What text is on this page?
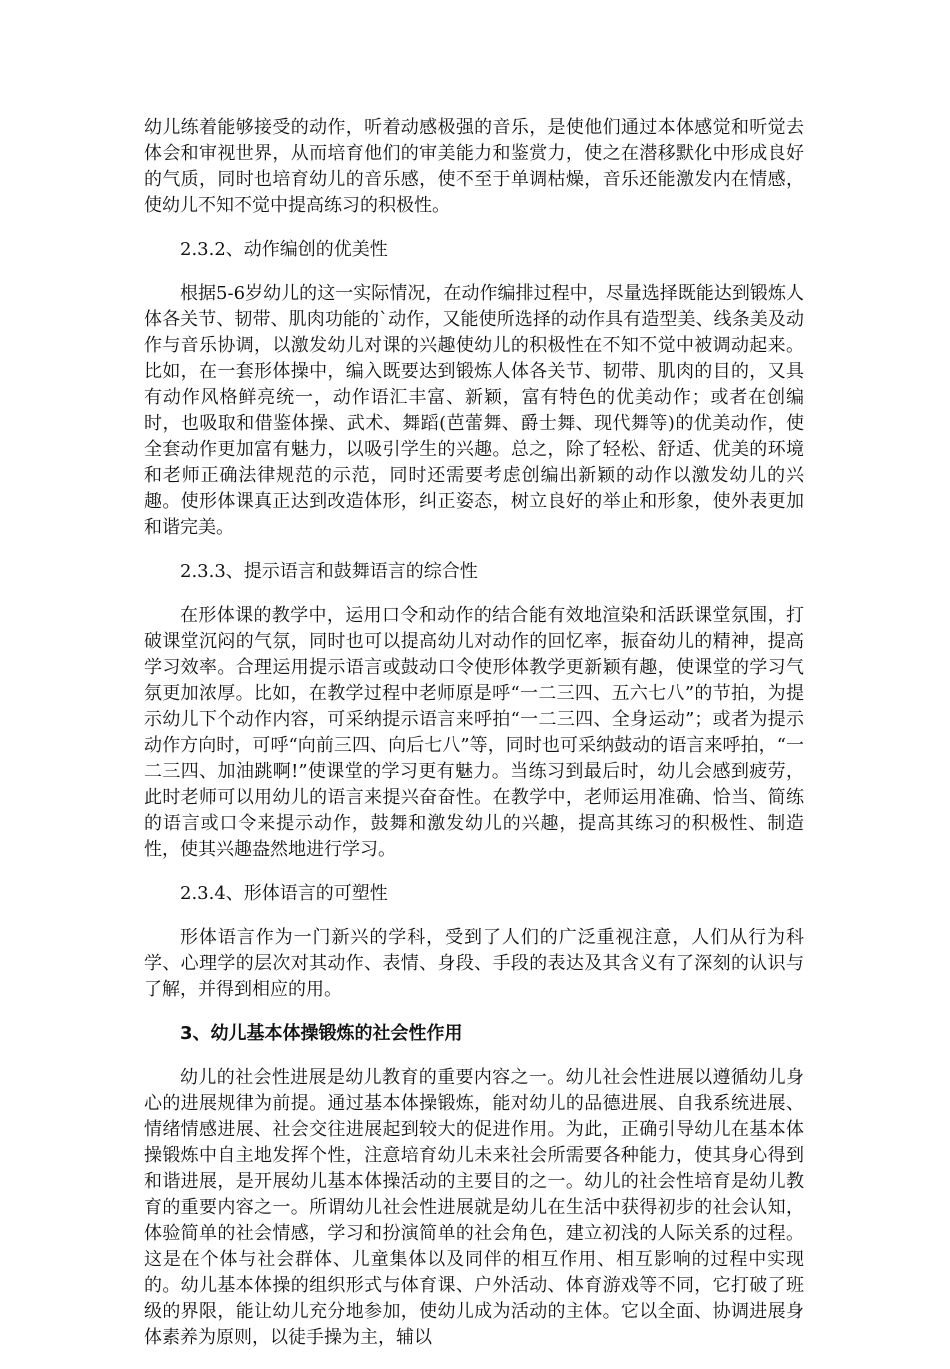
幼儿练着能够接受的动作，听着动感极强的音乐，是使他们通过本体感觉和听觉去体会和审视世界，从而培育他们的审美能力和鉴赏力，使之在潜移默化中形成良好的气质，同时也培育幼儿的音乐感，使不至于单调枯燥，音乐还能激发内在情感，使幼儿不知不觉中提高练习的积极性。

2.3.2、动作编创的优美性

根据5-6岁幼儿的这一实际情况，在动作编排过程中，尽量选择既能达到锻炼人体各关节、韧带、肌肉功能的`动作，又能使所选择的动作具有造型美、线条美及动作与音乐协调，以激发幼儿对课的兴趣使幼儿的积极性在不知不觉中被调动起来。比如，在一套形体操中，编入既要达到锻炼人体各关节、韧带、肌肉的目的，又具有动作风格鲜亮统一，动作语汇丰富、新颖，富有特色的优美动作；或者在创编时，也吸取和借鉴体操、武术、舞蹈(芭蕾舞、爵士舞、现代舞等)的优美动作，使全套动作更加富有魅力，以吸引学生的兴趣。总之，除了轻松、舒适、优美的环境和老师正确法律规范的示范，同时还需要考虑创编出新颖的动作以激发幼儿的兴趣。使形体课真正达到改造体形，纠正姿态，树立良好的举止和形象，使外表更加和谐完美。

2.3.3、提示语言和鼓舞语言的综合性

在形体课的教学中，运用口令和动作的结合能有效地渲染和活跃课堂氛围，打破课堂沉闷的气氛，同时也可以提高幼儿对动作的回忆率，振奋幼儿的精神，提高学习效率。合理运用提示语言或鼓动口令使形体教学更新颖有趣，使课堂的学习气氛更加浓厚。比如，在教学过程中老师原是呼“一二三四、五六七八”的节拍，为提示幼儿下个动作内容，可采纳提示语言来呼拍“一二三四、全身运动”；或者为提示动作方向时，可呼“向前三四、向后七八”等，同时也可采纳鼓动的语言来呼拍，“一二三四、加油跳啊!”使课堂的学习更有魅力。当练习到最后时，幼儿会感到疲劳，此时老师可以用幼儿的语言来提兴奋奋性。在教学中，老师运用准确、恰当、简练的语言或口令来提示动作，鼓舞和激发幼儿的兴趣，提高其练习的积极性、制造性，使其兴趣盎然地进行学习。

2.3.4、形体语言的可塑性

形体语言作为一门新兴的学科，受到了人们的广泛重视注意，人们从行为科学、心理学的层次对其动作、表情、身段、手段的表达及其含义有了深刻的认识与了解，并得到相应的用。

3、幼儿基本体操锻炼的社会性作用

幼儿的社会性进展是幼儿教育的重要内容之一。幼儿社会性进展以遵循幼儿身心的进展规律为前提。通过基本体操锻炼，能对幼儿的品德进展、自我系统进展、情绪情感进展、社会交往进展起到较大的促进作用。为此，正确引导幼儿在基本体操锻炼中自主地发挥个性，注意培育幼儿未来社会所需要各种能力，使其身心得到和谐进展，是开展幼儿基本体操活动的主要目的之一。幼儿的社会性培育是幼儿教育的重要内容之一。所谓幼儿社会性进展就是幼儿在生活中获得初步的社会认知，体验简单的社会情感，学习和扮演简单的社会角色，建立初浅的人际关系的过程。这是在个体与社会群体、儿童集体以及同伴的相互作用、相互影响的过程中实现的。幼儿基本体操的组织形式与体育课、户外活动、体育游戏等不同，它打破了班级的界限，能让幼儿充分地参加，使幼儿成为活动的主体。它以全面、协调进展身体素养为原则，以徒手操为主，辅以
